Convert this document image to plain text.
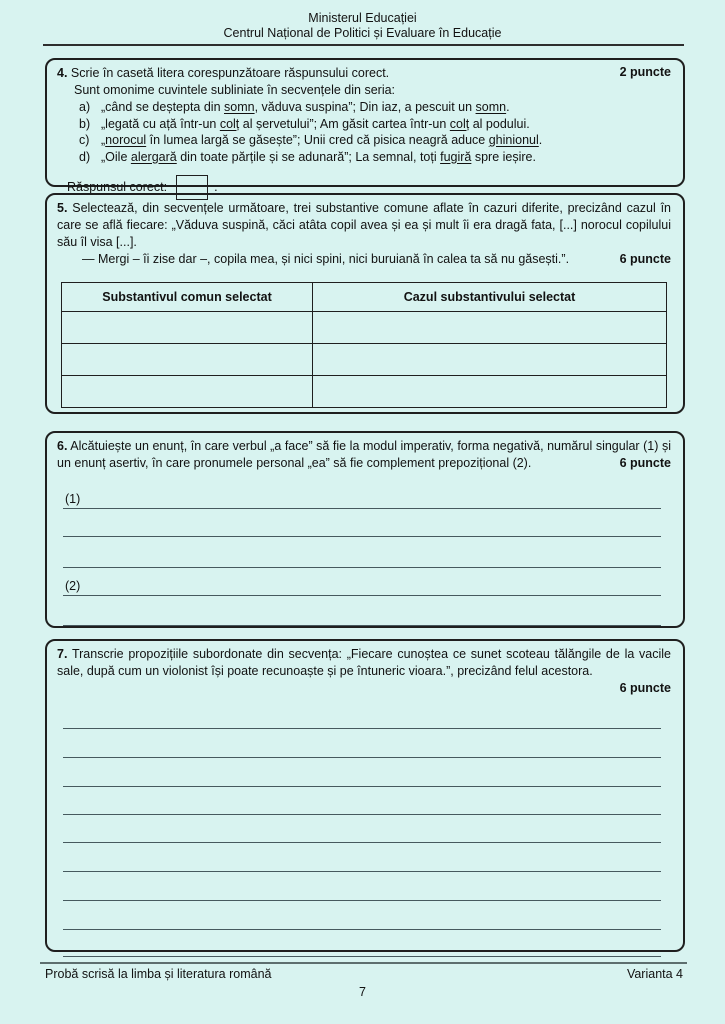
Ministerul Educației
Centrul Național de Politici și Evaluare în Educație
2 puncte
4. Scrie în casetă litera corespunzătoare răspunsului corect.
Sunt omonime cuvintele subliniate în secvențele din seria:
a) „când se deștepta din somn, văduva suspina”; Din iaz, a pescuit un somn.
b) „legată cu ață într-un colț al șervetului”; Am găsit cartea într-un colț al podului.
c) „norocul în lumea largă se găsește”; Unii cred că pisica neagră aduce ghinionul.
d) „Oile alergară din toate părțile și se adunară”; La semnal, toți fugiră spre ieșire.
Răspunsul corect:	.

5. Selectează, din secvențele următoare, trei substantive comune aflate în cazuri diferite, precizând cazul în care se află fiecare: „Văduva suspină, căci atâta copil avea și ea și mult îi era dragă fata, [...] norocul copilului său îl visa [...].

— Mergi – îi zise dar –, copila mea, și nici spini, nici buruiană în calea ta să nu găsești.”.	6 puncte
Substantivul comun selectat	Cazul substantivului selectat

6. Alcătuiește un enunț, în care verbul „a face” să fie la modul imperativ, forma negativă, numărul singular (1) și un enunț asertiv, în care pronumele personal „ea” să fie complement prepozițional (2).	6 puncte

(1)
(2)

7. Transcrie propozițiile subordonate din secvența: „Fiecare cunoștea ce sunet scoteau tălăngile de la vacile sale, după cum un violonist își poate recunoaște și pe întuneric vioara.”, precizând felul acestora.

6 puncte
Probă scrisă la limba și literatura română	Varianta 4
7
